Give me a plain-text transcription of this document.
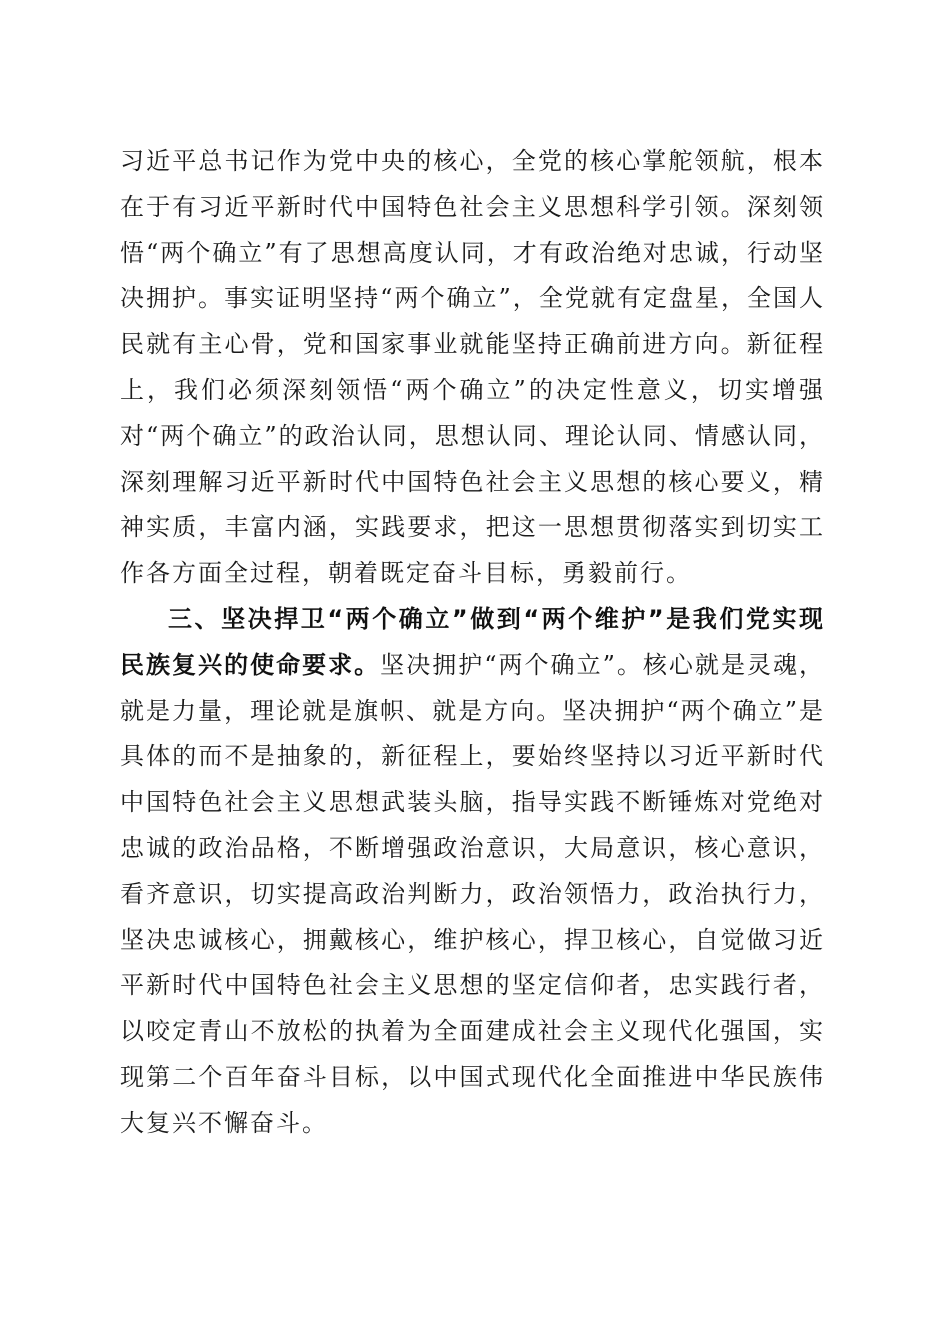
习近平总书记作为党中央的核心，全党的核心掌舵领航，根本在于有习近平新时代中国特色社会主义思想科学引领。深刻领悟“两个确立”有了思想高度认同，才有政治绝对忠诚，行动坚决拥护。事实证明坚持“两个确立”，全党就有定盘星，全国人民就有主心骨，党和国家事业就能坚持正确前进方向。新征程上，我们必须深刻领悟“两个确立”的决定性意义，切实增强对“两个确立”的政治认同，思想认同、理论认同、情感认同，深刻理解习近平新时代中国特色社会主义思想的核心要义，精神实质，丰富内涵，实践要求，把这一思想贯彻落实到切实工作各方面全过程，朝着既定奋斗目标，勇毅前行。

三、坚决捍卫“两个确立”做到“两个维护”是我们党实现民族复兴的使命要求。坚决拥护“两个确立”。核心就是灵魂，就是力量，理论就是旗帜、就是方向。坚决拥护“两个确立”是具体的而不是抽象的，新征程上，要始终坚持以习近平新时代中国特色社会主义思想武装头脑，指导实践不断锤炼对党绝对忠诚的政治品格，不断增强政治意识，大局意识，核心意识，看齐意识，切实提高政治判断力，政治领悟力，政治执行力，坚决忠诚核心，拥戴核心，维护核心，捍卫核心，自觉做习近平新时代中国特色社会主义思想的坚定信仰者，忠实践行者，以咬定青山不放松的执着为全面建成社会主义现代化强国，实现第二个百年奋斗目标，以中国式现代化全面推进中华民族伟大复兴不懈奋斗。
